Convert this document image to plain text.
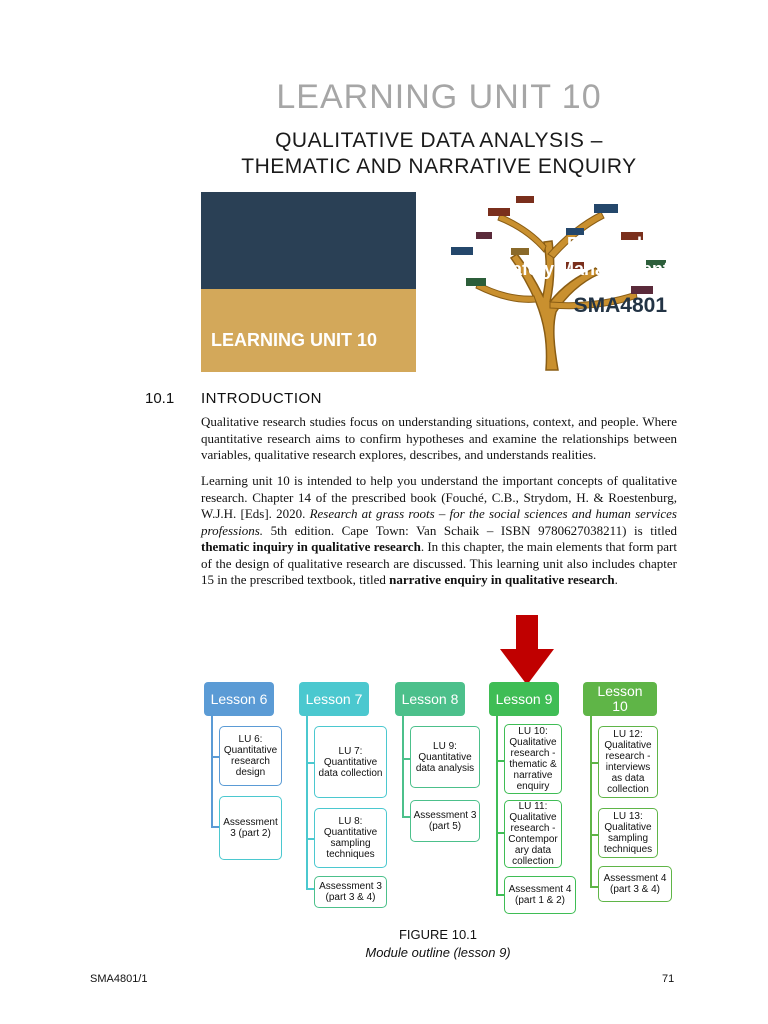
LEARNING UNIT 10
QUALITATIVE DATA ANALYSIS –
THEMATIC AND NARRATIVE ENQUIRY
Research in
Safety Management
SMA4801
LEARNING UNIT 10
10.1 INTRODUCTION

Qualitative research studies focus on understanding situations, context, and people. Where quantitative research aims to confirm hypotheses and examine the relationships between variables, qualitative research explores, describes, and understands realities.

Learning unit 10 is intended to help you understand the important concepts of qualitative research. Chapter 14 of the prescribed book (Fouché, C.B., Strydom, H. & Roestenburg, W.J.H. [Eds]. 2020. Research at grass roots – for the social sciences and human services professions. 5th edition. Cape Town: Van Schaik – ISBN 9780627038211) is titled thematic inquiry in qualitative research. In this chapter, the main elements that form part of the design of qualitative research are discussed. This learning unit also includes chapter 15 in the prescribed textbook, titled narrative enquiry in qualitative research.

Lesson 6
LU 6: Quantitative research design
Assessment 3 (part 2)
Lesson 7
LU 7: Quantitative data collection
LU 8: Quantitative sampling techniques
Assessment 3 (part 3 & 4)
Lesson 8
LU 9: Quantitative data analysis
Assessment 3 (part 5)
Lesson 9
LU 10: Qualitative research - thematic & narrative enquiry
LU 11: Qualitative research - Contempor ary data collection
Assessment 4 (part 1 & 2)
Lesson 10
LU 12: Qualitative research - interviews as data collection
LU 13: Qualitative sampling techniques
Assessment 4 (part 3 & 4)
FIGURE 10.1
Module outline (lesson 9)
SMA4801/1	71
